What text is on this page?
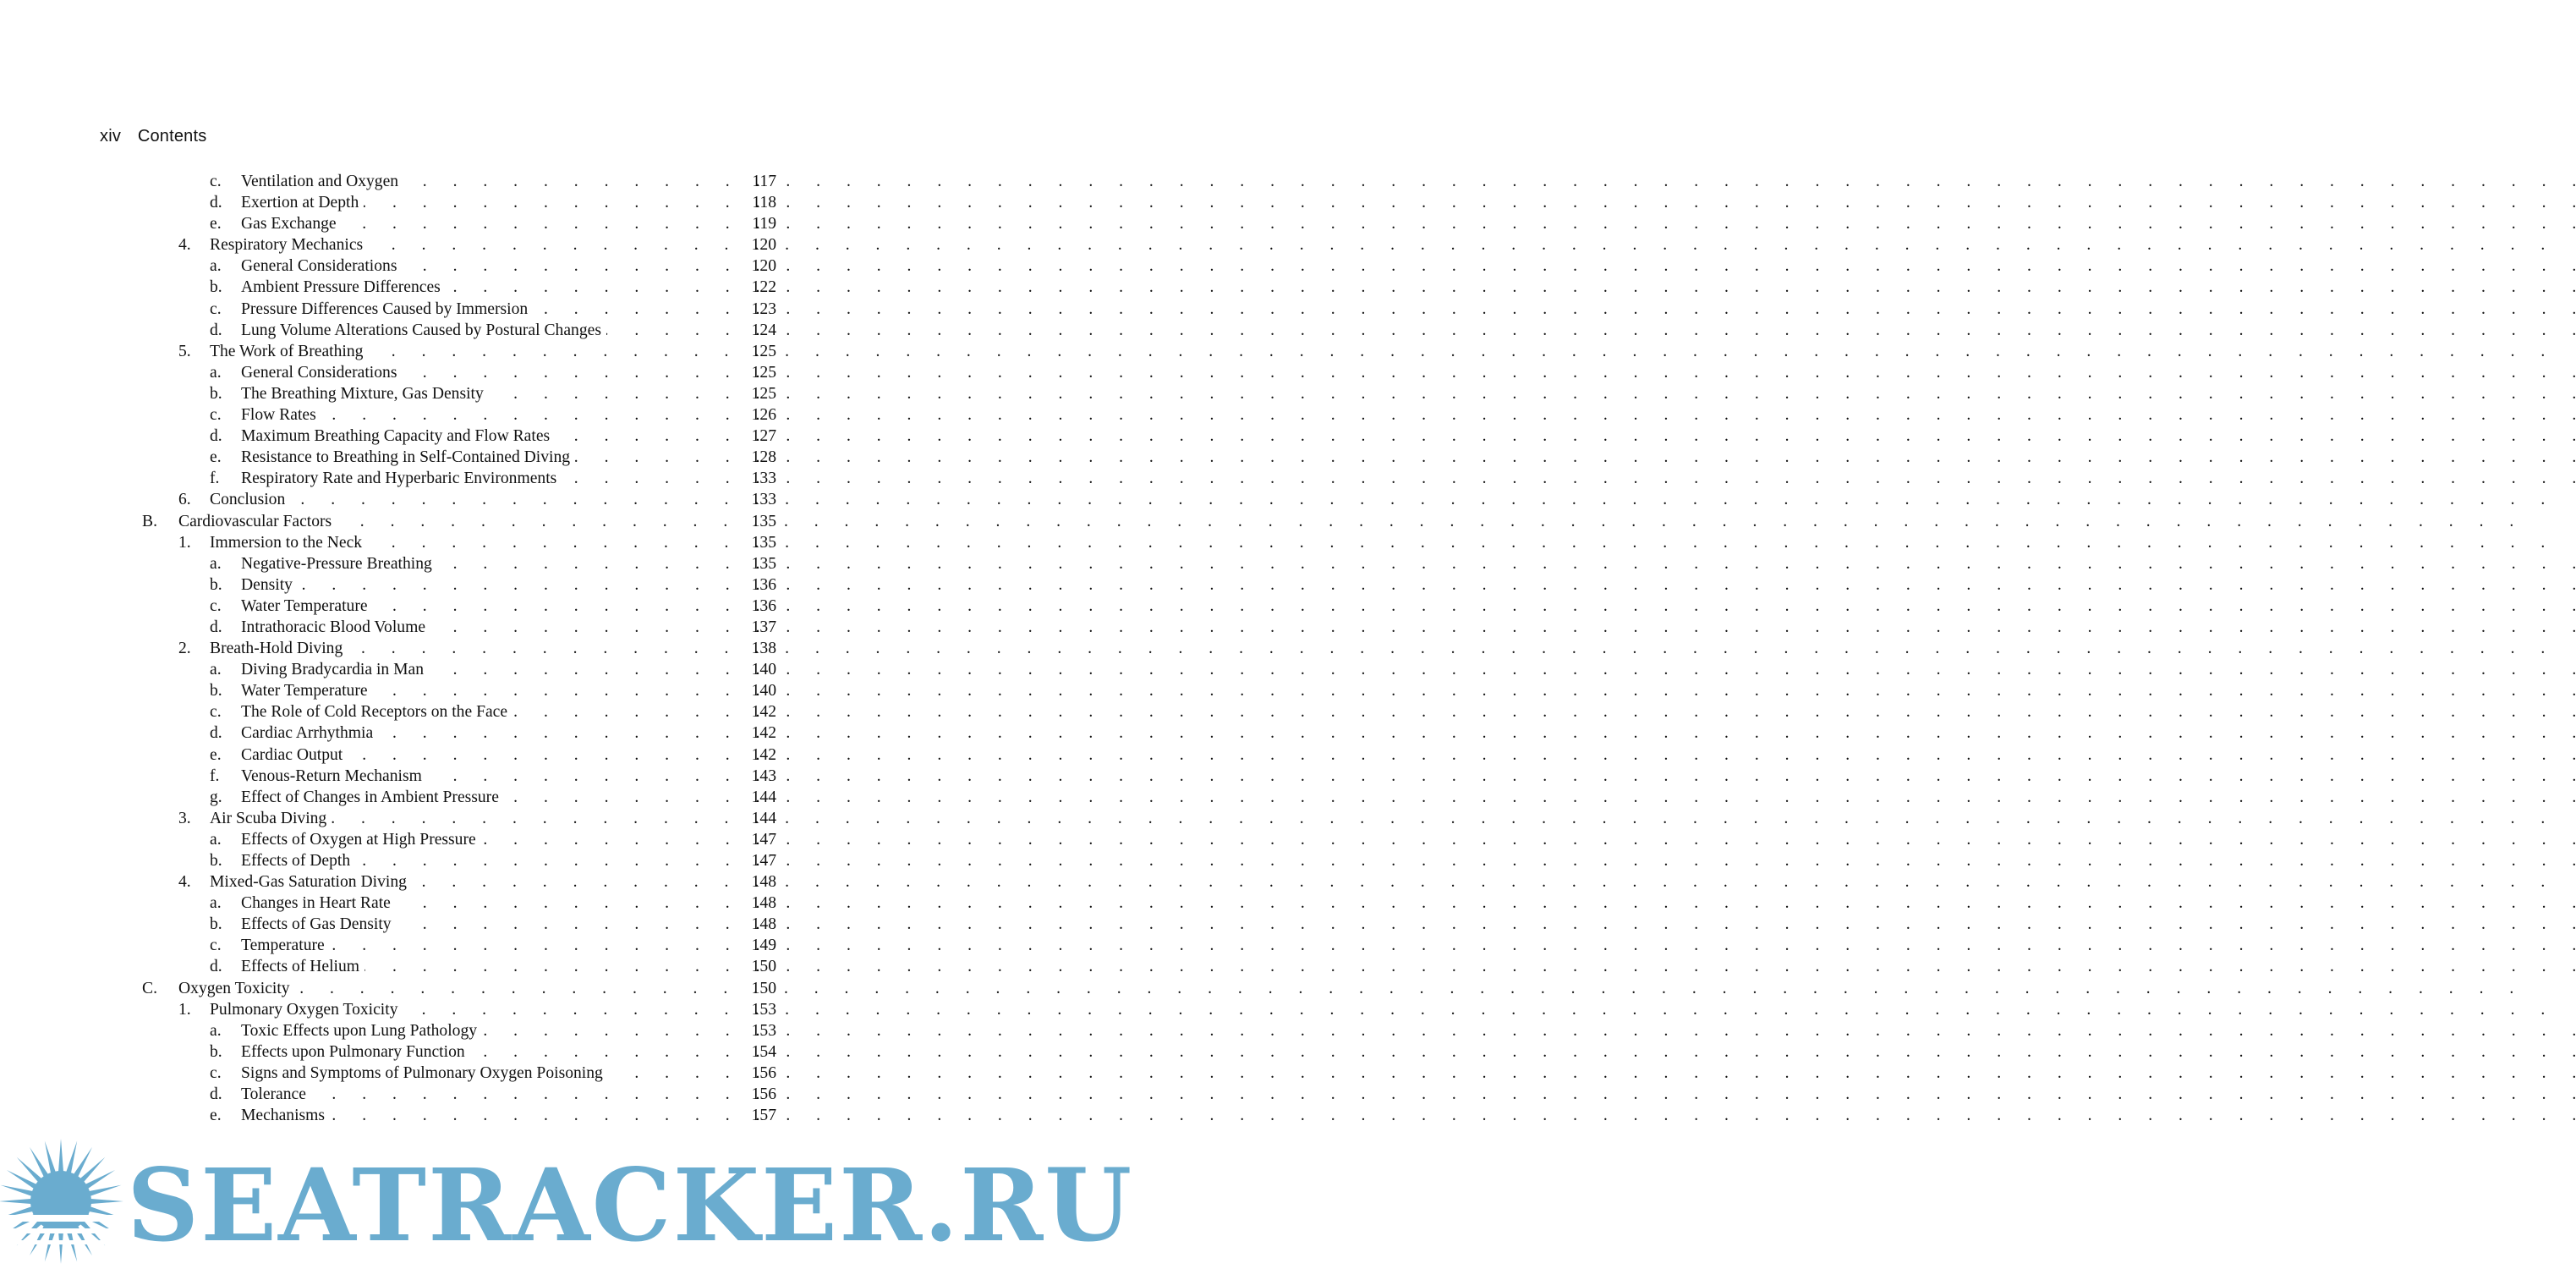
xiv Contents
c. Ventilation and Oxygen . . .	117
d. Exertion at Depth . . .	118
e. Gas Exchange . . .	119
4. Respiratory Mechanics . . .	120
a. General Considerations . . .	120
b. Ambient Pressure Differences . . .	122
c. Pressure Differences Caused by Immersion . . .	123
d. Lung Volume Alterations Caused by Postural Changes . . .	124
5. The Work of Breathing . . .	125
a. General Considerations . . .	125
b. The Breathing Mixture, Gas Density . . .	125
c. Flow Rates . . .	126
d. Maximum Breathing Capacity and Flow Rates . . .	127
e. Resistance to Breathing in Self-Contained Diving . . .	128
f. Respiratory Rate and Hyperbaric Environments . . .	133
6. Conclusion . . .	133
B. Cardiovascular Factors . . .	135
1. Immersion to the Neck . . .	135
a. Negative-Pressure Breathing . . .	135
b. Density . . .	136
c. Water Temperature . . .	136
d. Intrathoracic Blood Volume . . .	137
2. Breath-Hold Diving . . .	138
a. Diving Bradycardia in Man . . .	140
b. Water Temperature . . .	140
c. The Role of Cold Receptors on the Face . . .	142
d. Cardiac Arrhythmia . . .	142
e. Cardiac Output . . .	142
f. Venous-Return Mechanism . . .	143
g. Effect of Changes in Ambient Pressure . . .	144
3. Air Scuba Diving . . .	144
a. Effects of Oxygen at High Pressure . . .	147
b. Effects of Depth . . .	147
4. Mixed-Gas Saturation Diving . . .	148
a. Changes in Heart Rate . . .	148
b. Effects of Gas Density . . .	148
c. Temperature . . .	149
d. Effects of Helium . . .	150
C. Oxygen Toxicity . . .	150
1. Pulmonary Oxygen Toxicity . . .	153
a. Toxic Effects upon Lung Pathology . . .	153
b. Effects upon Pulmonary Function . . .	154
c. Signs and Symptoms of Pulmonary Oxygen Poisoning . . .	156
d. Tolerance . . .	156
e. Mechanisms . . .	157
SEATRACKER.RU
